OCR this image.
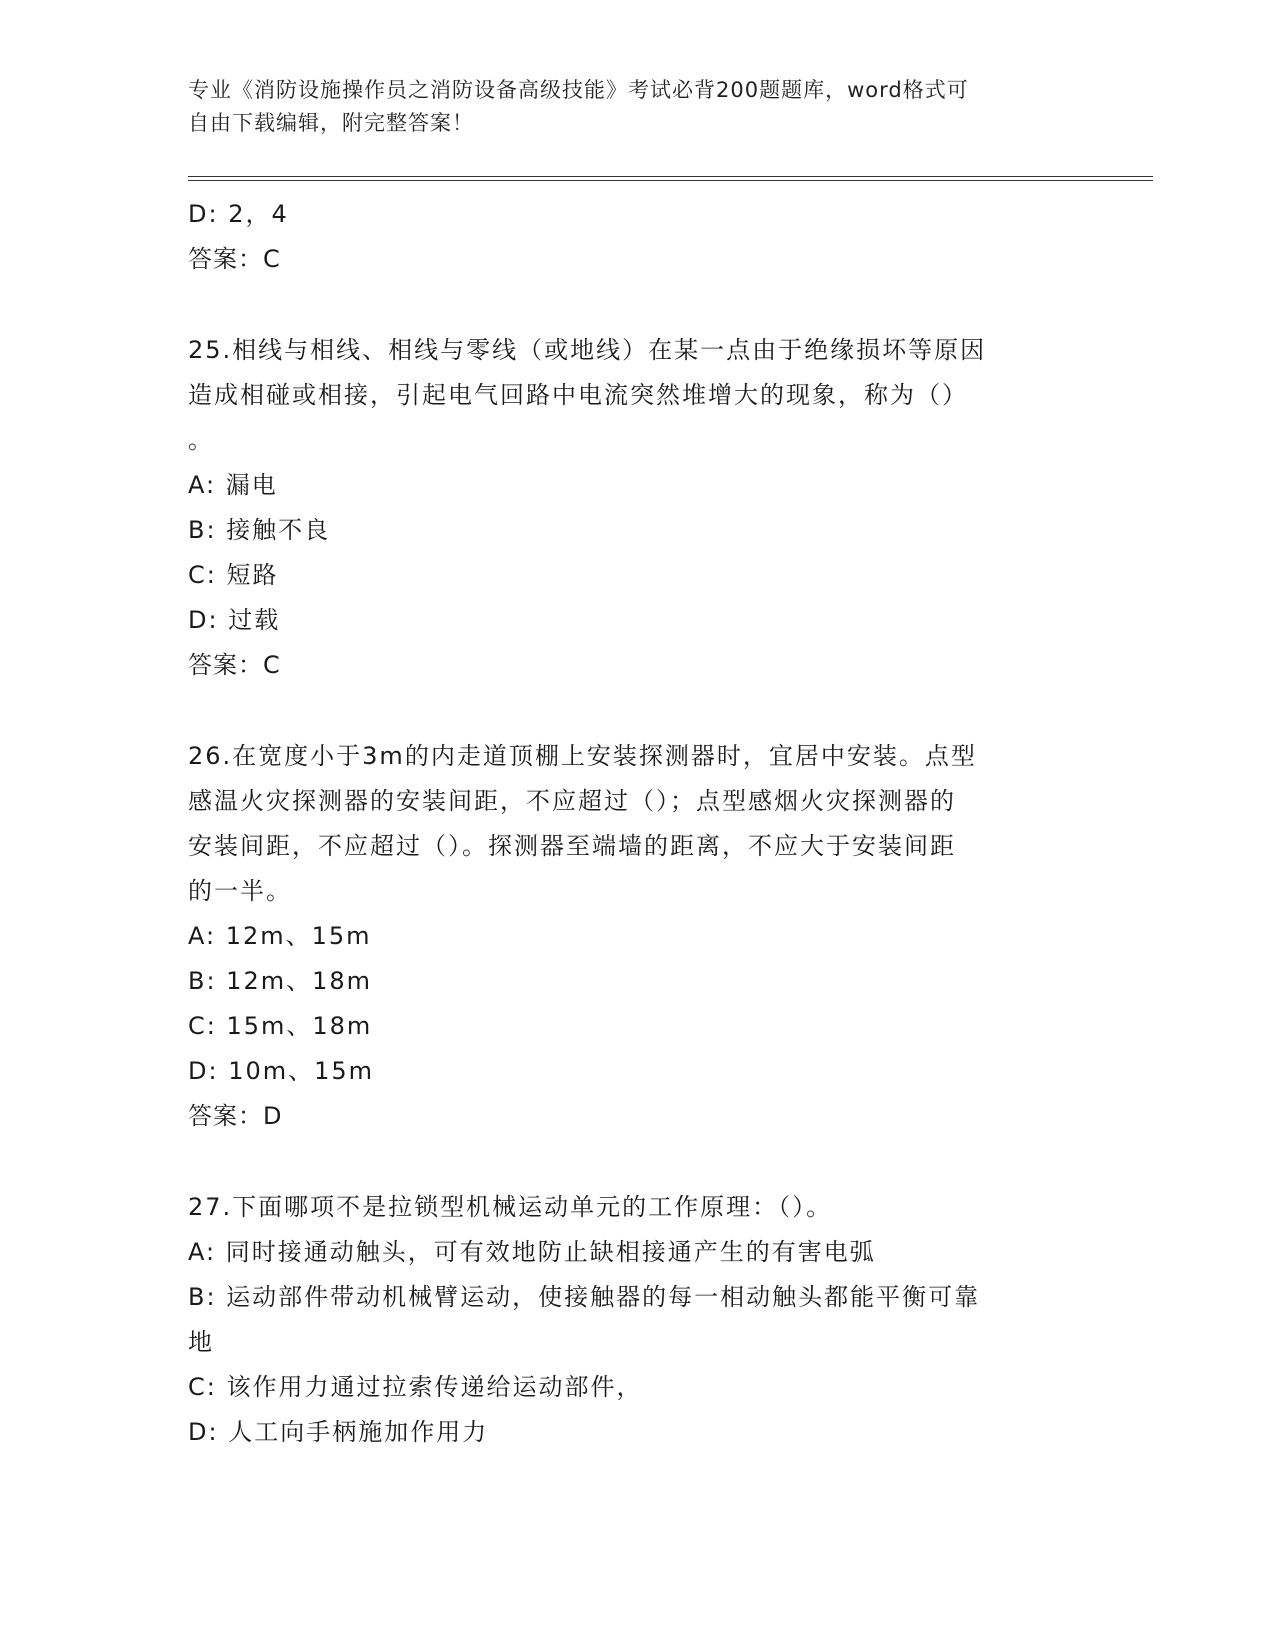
专业《消防设施操作员之消防设备高级技能》考试必背200题题库，word格式可
自由下载编辑，附完整答案！
D: 2，4
答案：C
25.相线与相线、相线与零线（或地线）在某一点由于绝缘损坏等原因
造成相碰或相接，引起电气回路中电流突然堆增大的现象，称为（）
。
A: 漏电
B: 接触不良
C: 短路
D: 过载
答案：C
26.在宽度小于3m的内走道顶棚上安装探测器时，宜居中安装。点型
感温火灾探测器的安装间距，不应超过（）；点型感烟火灾探测器的
安装间距，不应超过（）。探测器至端墙的距离，不应大于安装间距
的一半。
A: 12m、15m
B: 12m、18m
C: 15m、18m
D: 10m、15m
答案：D
27.下面哪项不是拉锁型机械运动单元的工作原理：（）。
A: 同时接通动触头，可有效地防止缺相接通产生的有害电弧
B: 运动部件带动机械臂运动，使接触器的每一相动触头都能平衡可靠
地
C: 该作用力通过拉索传递给运动部件，
D: 人工向手柄施加作用力
